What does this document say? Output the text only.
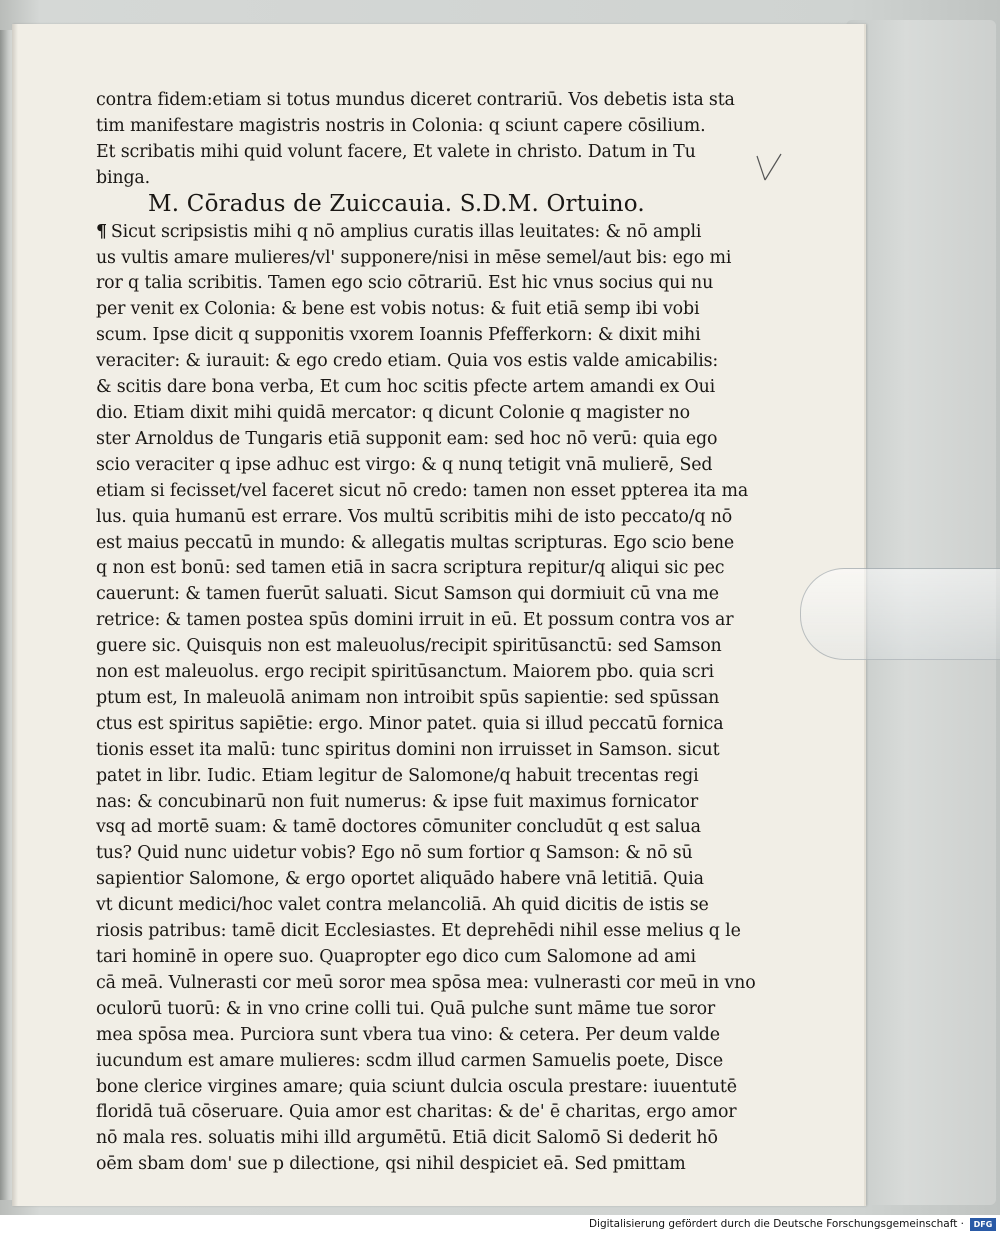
contra fidem:etiam si totus mundus diceret contrariū. Vos debetis ista sta
tim manifestare magistris nostris in Colonia: q sciunt capere cōsilium.
Et scribatis mihi quid volunt facere, Et valete in christo. Datum in Tu
binga.
M. Cōradus de Zuiccauia. S.D.M. Ortuino.
¶ Sicut scripsistis mihi q nō amplius curatis illas leuitates: & nō ampli
us vultis amare mulieres/vl' supponere/nisi in mēse semel/aut bis: ego mi
ror q talia scribitis. Tamen ego scio cōtrariū. Est hic vnus socius qui nu
per venit ex Colonia: & bene est vobis notus: & fuit etiā semp ibi vobi
scum. Ipse dicit q supponitis vxorem Ioannis Pfefferkorn: & dixit mihi
veraciter: & iurauit: & ego credo etiam. Quia vos estis valde amicabilis:
& scitis dare bona verba, Et cum hoc scitis pfecte artem amandi ex Oui
dio. Etiam dixit mihi quidā mercator: q dicunt Colonie q magister no
ster Arnoldus de Tungaris etiā supponit eam: sed hoc nō verū: quia ego
scio veraciter q ipse adhuc est virgo: & q nunq tetigit vnā mulierē, Sed
etiam si fecisset/vel faceret sicut nō credo: tamen non esset ppterea ita ma
lus. quia humanū est errare. Vos multū scribitis mihi de isto peccato/q nō
est maius peccatū in mundo: & allegatis multas scripturas. Ego scio bene
q non est bonū: sed tamen etiā in sacra scriptura repitur/q aliqui sic pec
cauerunt: & tamen fuerūt saluati. Sicut Samson qui dormiuit cū vna me
retrice: & tamen postea spūs domini irruit in eū. Et possum contra vos ar
guere sic. Quisquis non est maleuolus/recipit spiritūsanctū: sed Samson
non est maleuolus. ergo recipit spiritūsanctum. Maiorem pbo. quia scri
ptum est, In maleuolā animam non introibit spūs sapientie: sed spūssan
ctus est spiritus sapiētie: ergo. Minor patet. quia si illud peccatū fornica
tionis esset ita malū: tunc spiritus domini non irruisset in Samson. sicut
patet in libr. Iudic. Etiam legitur de Salomone/q habuit trecentas regi
nas: & concubinarū non fuit numerus: & ipse fuit maximus fornicator
vsq ad mortē suam: & tamē doctores cōmuniter concludūt q est salua
tus? Quid nunc uidetur vobis? Ego nō sum fortior q Samson: & nō sū
sapientior Salomone, & ergo oportet aliquādo habere vnā letitiā. Quia
vt dicunt medici/hoc valet contra melancoliā. Ah quid dicitis de istis se
riosis patribus: tamē dicit Ecclesiastes. Et deprehēdi nihil esse melius q le
tari hominē in opere suo. Quapropter ego dico cum Salomone ad ami
cā meā. Vulnerasti cor meū soror mea spōsa mea: vulnerasti cor meū in vno
oculorū tuorū: & in vno crine colli tui. Quā pulche sunt māme tue soror
mea spōsa mea. Purciora sunt vbera tua vino: & cetera. Per deum valde
iucundum est amare mulieres: scdm illud carmen Samuelis poete, Disce
bone clerice virgines amare; quia sciunt dulcia oscula prestare: iuuentutē
floridā tuā cōseruare. Quia amor est charitas: & de' ē charitas, ergo amor
nō mala res. soluatis mihi illd argumētū. Etiā dicit Salomō Si dederit hō
oēm sbam dom' sue p dilectione, qsi nihil despiciet eā. Sed pmittam
Digitalisierung gefördert durch die Deutsche Forschungsgemeinschaft ·	DFG
